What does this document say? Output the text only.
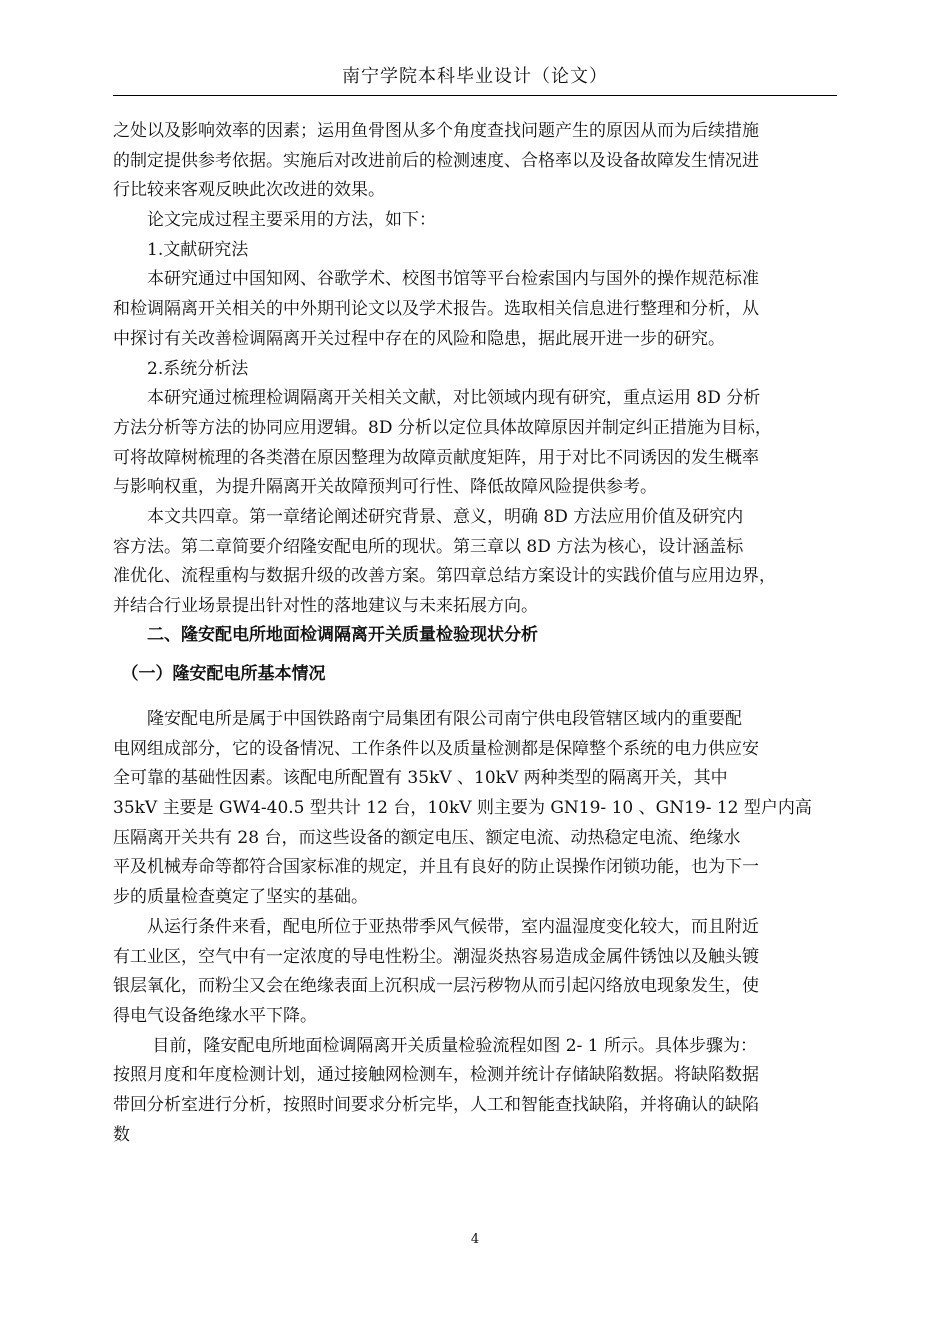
南宁学院本科毕业设计（论文）
之处以及影响效率的因素；运用鱼骨图从多个角度查找问题产生的原因从而为后续措施
的制定提供参考依据。实施后对改进前后的检测速度、合格率以及设备故障发生情况进
行比较来客观反映此次改进的效果。
　　论文完成过程主要采用的方法，如下：
　　1.文献研究法
　　本研究通过中国知网、谷歌学术、校图书馆等平台检索国内与国外的操作规范标准
和检调隔离开关相关的中外期刊论文以及学术报告。选取相关信息进行整理和分析，从
中探讨有关改善检调隔离开关过程中存在的风险和隐患，据此展开进一步的研究。
　　2.系统分析法
　　本研究通过梳理检调隔离开关相关文献，对比领域内现有研究，重点运用 8D 分析
方法分析等方法的协同应用逻辑。8D 分析以定位具体故障原因并制定纠正措施为目标，
可将故障树梳理的各类潜在原因整理为故障贡献度矩阵，用于对比不同诱因的发生概率
与影响权重，为提升隔离开关故障预判可行性、降低故障风险提供参考。
　　本文共四章。第一章绪论阐述研究背景、意义，明确 8D 方法应用价值及研究内
容方法。第二章简要介绍隆安配电所的现状。第三章以 8D 方法为核心，设计涵盖标
准优化、流程重构与数据升级的改善方案。第四章总结方案设计的实践价值与应用边界，
并结合行业场景提出针对性的落地建议与未来拓展方向。
　　二、隆安配电所地面检调隔离开关质量检验现状分析
　（一）隆安配电所基本情况
　　隆安配电所是属于中国铁路南宁局集团有限公司南宁供电段管辖区域内的重要配
电网组成部分，它的设备情况、工作条件以及质量检测都是保障整个系统的电力供应安
全可靠的基础性因素。该配电所配置有 35kV 、10kV 两种类型的隔离开关，其中
35kV 主要是 GW4-40.5 型共计 12 台，10kV 则主要为 GN19- 10 、GN19- 12 型户内高
压隔离开关共有 28 台，而这些设备的额定电压、额定电流、动热稳定电流、绝缘水
平及机械寿命等都符合国家标准的规定，并且有良好的防止误操作闭锁功能，也为下一
步的质量检查奠定了坚实的基础。
　　从运行条件来看，配电所位于亚热带季风气候带，室内温湿度变化较大，而且附近
有工业区，空气中有一定浓度的导电性粉尘。潮湿炎热容易造成金属件锈蚀以及触头镀
银层氧化，而粉尘又会在绝缘表面上沉积成一层污秽物从而引起闪络放电现象发生，使
得电气设备绝缘水平下降。
　　 目前，隆安配电所地面检调隔离开关质量检验流程如图 2- 1 所示。具体步骤为：
按照月度和年度检测计划，通过接触网检测车，检测并统计存储缺陷数据。将缺陷数据
带回分析室进行分析，按照时间要求分析完毕，人工和智能查找缺陷，并将确认的缺陷
数
4
